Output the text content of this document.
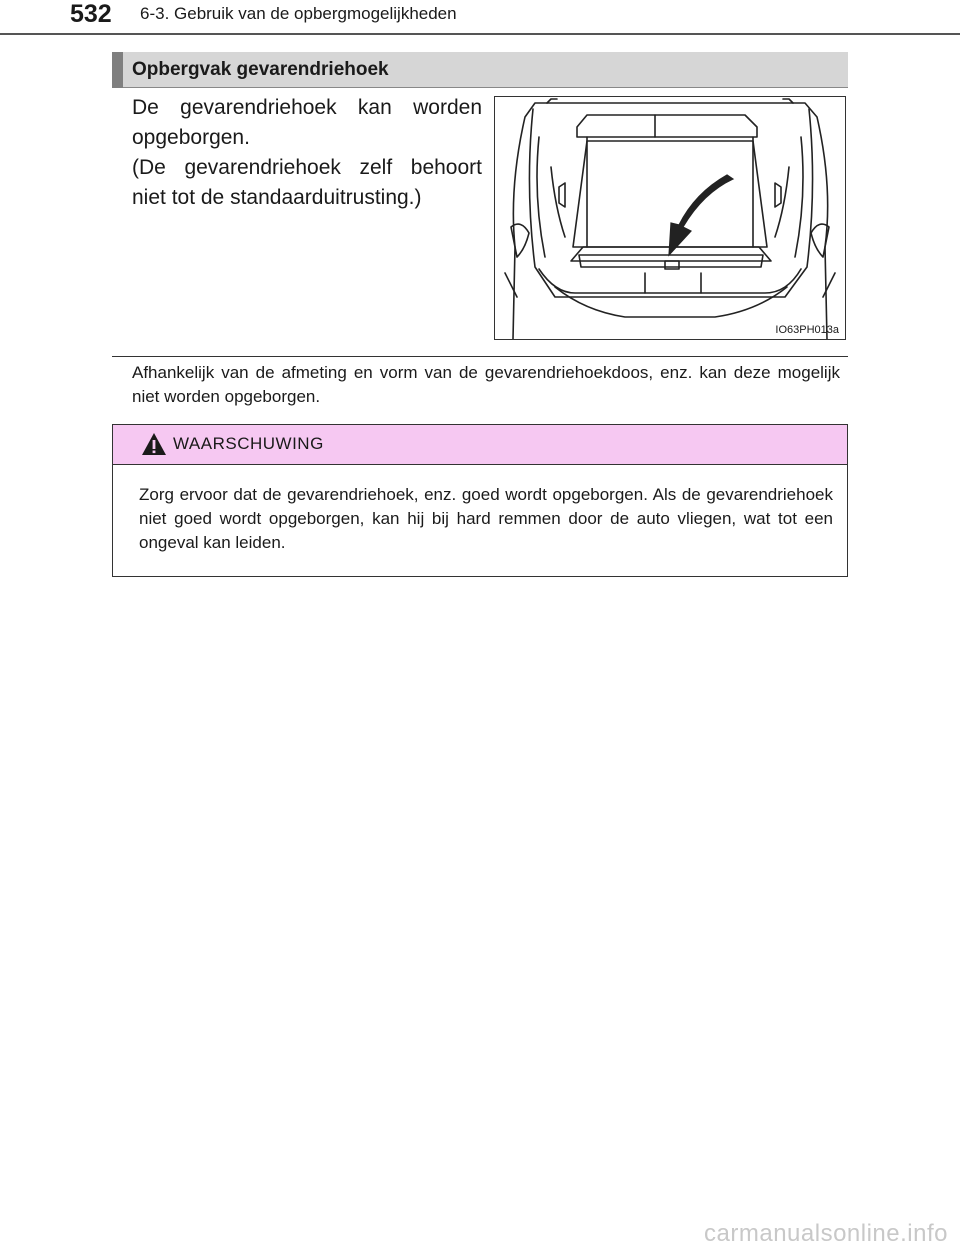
532 6-3. Gebruik van de opbergmogelijkheden
Opbergvak gevarendriehoek

De gevarendriehoek kan worden opgeborgen.

(De gevarendriehoek zelf behoort niet tot de standaarduitrusting.)

IO63PH013a
Afhankelijk van de afmeting en vorm van de gevarendriehoekdoos, enz. kan deze mogelijk niet worden opgeborgen.
WAARSCHUWING
Zorg ervoor dat de gevarendriehoek, enz. goed wordt opgeborgen. Als de gevarendriehoek niet goed wordt opgeborgen, kan hij bij hard remmen door de auto vliegen, wat tot een ongeval kan leiden.
carmanualsonline.info
